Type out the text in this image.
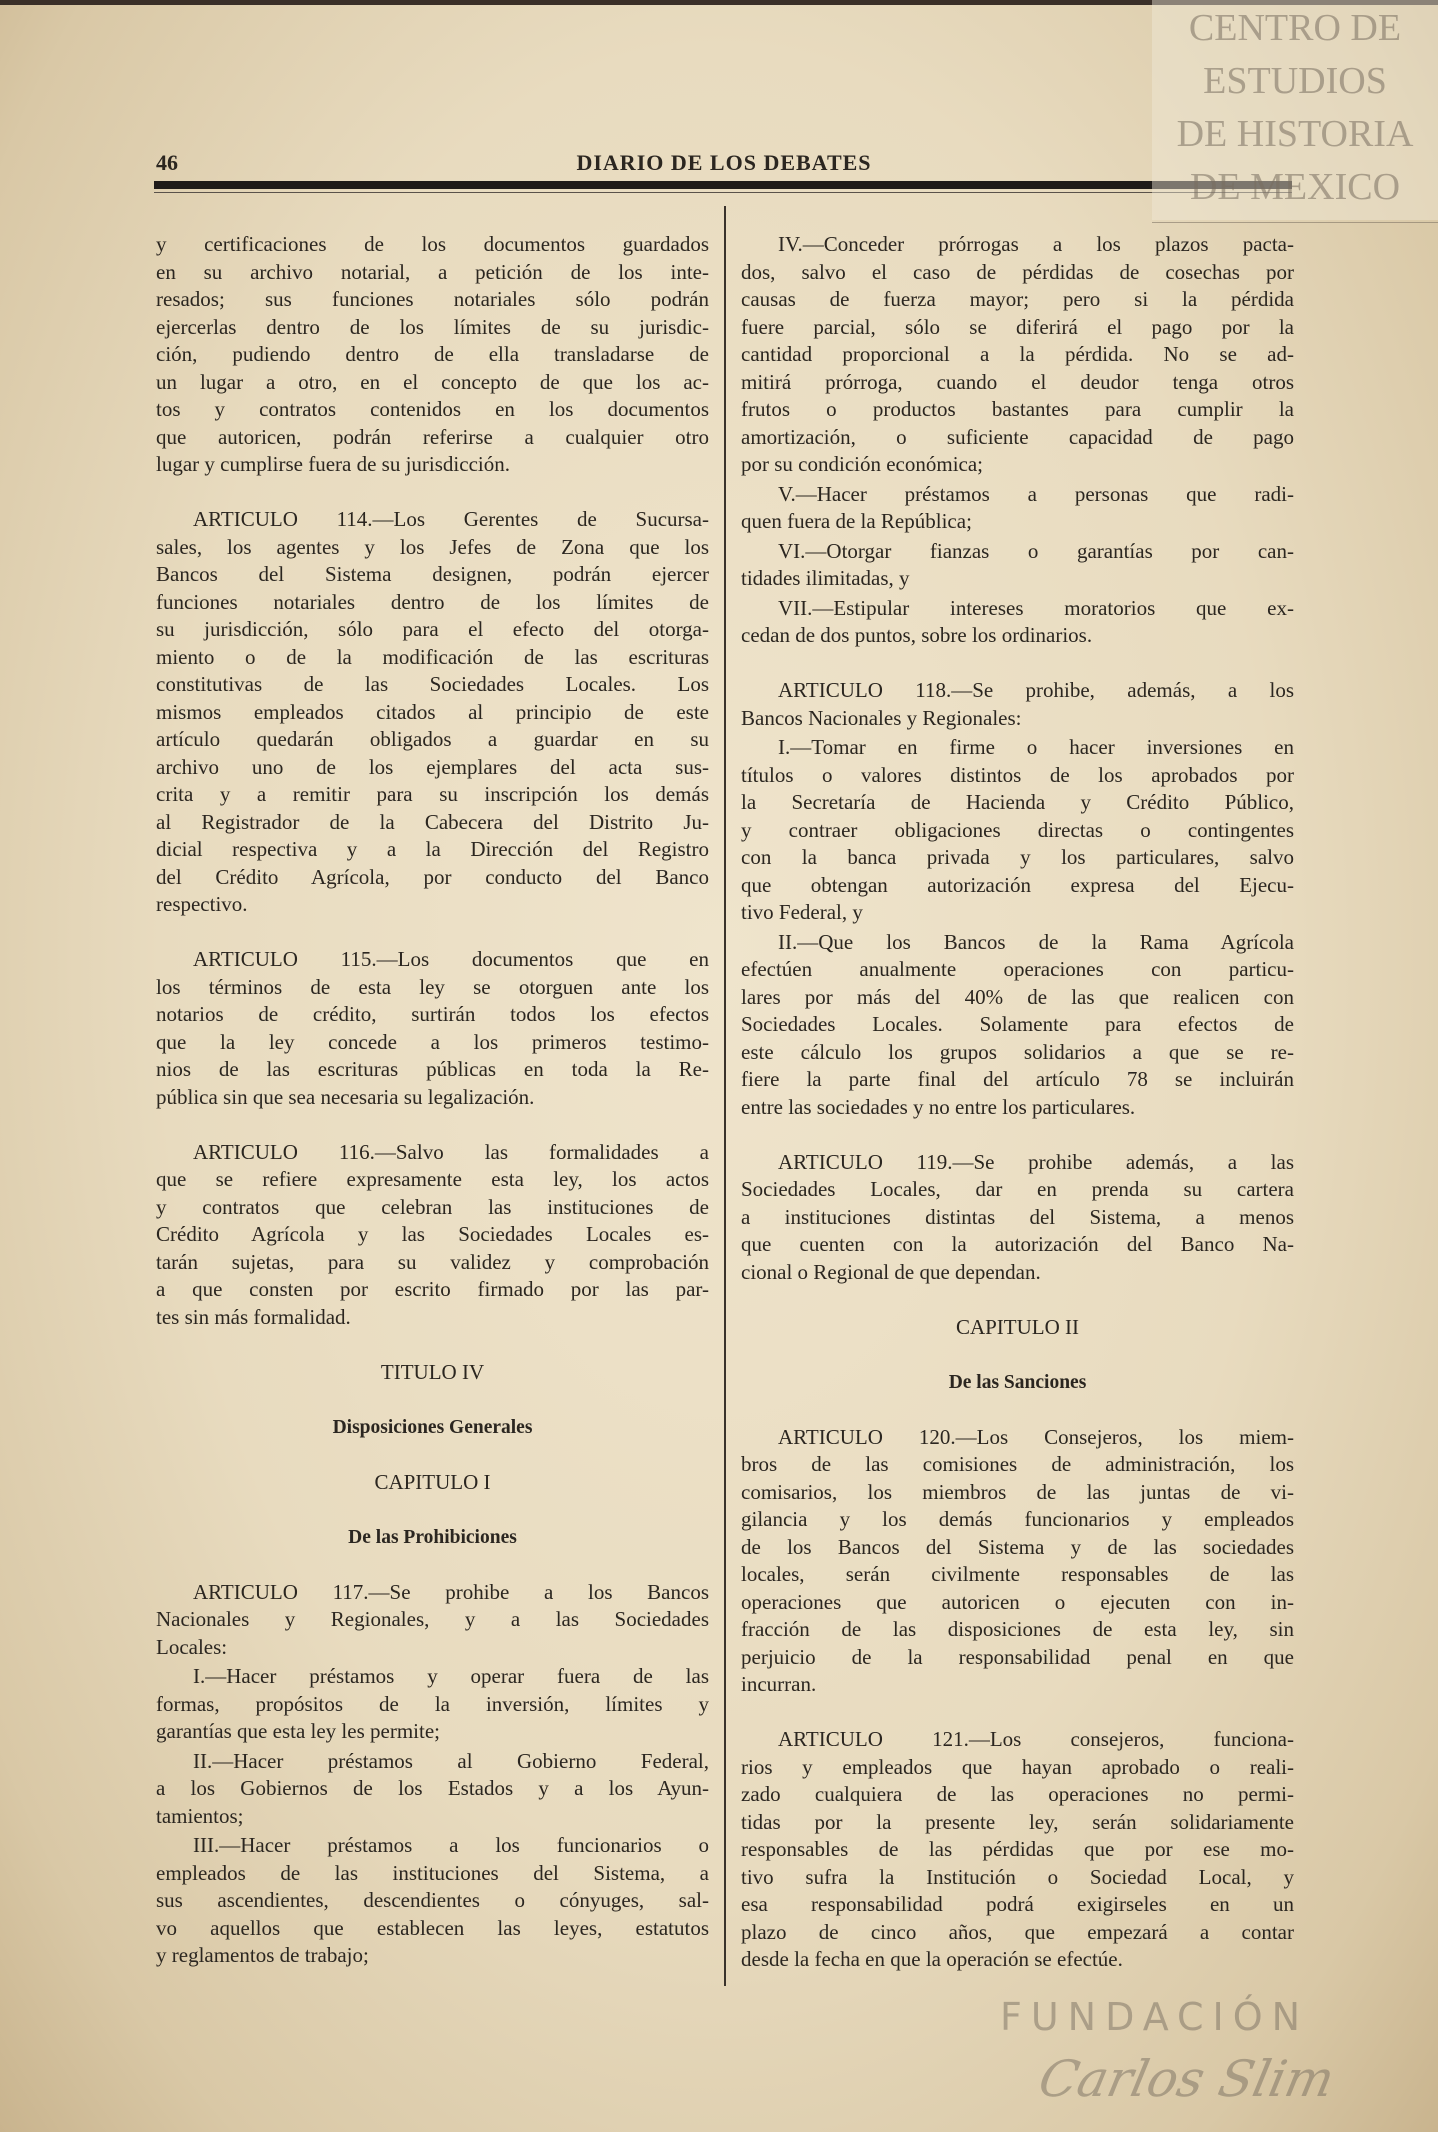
46	DIARIO DE LOS DEBATES
y certificaciones de los documentos guardados
en su archivo notarial, a petición de los inte-
resados; sus funciones notariales sólo podrán
ejercerlas dentro de los límites de su jurisdic-
ción, pudiendo dentro de ella transladarse de
un lugar a otro, en el concepto de que los ac-
tos y contratos contenidos en los documentos
que autoricen, podrán referirse a cualquier otro
lugar y cumplirse fuera de su jurisdicción.
ARTICULO 114.—Los Gerentes de Sucursa-
sales, los agentes y los Jefes de Zona que los
Bancos del Sistema designen, podrán ejercer
funciones notariales dentro de los límites de
su jurisdicción, sólo para el efecto del otorga-
miento o de la modificación de las escrituras
constitutivas de las Sociedades Locales. Los
mismos empleados citados al principio de este
artículo quedarán obligados a guardar en su
archivo uno de los ejemplares del acta sus-
crita y a remitir para su inscripción los demás
al Registrador de la Cabecera del Distrito Ju-
dicial respectiva y a la Dirección del Registro
del Crédito Agrícola, por conducto del Banco
respectivo.
ARTICULO 115.—Los documentos que en
los términos de esta ley se otorguen ante los
notarios de crédito, surtirán todos los efectos
que la ley concede a los primeros testimo-
nios de las escrituras públicas en toda la Re-
pública sin que sea necesaria su legalización.
ARTICULO 116.—Salvo las formalidades a
que se refiere expresamente esta ley, los actos
y contratos que celebran las instituciones de
Crédito Agrícola y las Sociedades Locales es-
tarán sujetas, para su validez y comprobación
a que consten por escrito firmado por las par-
tes sin más formalidad.
TITULO IV
Disposiciones Generales
CAPITULO I
De las Prohibiciones
ARTICULO 117.—Se prohibe a los Bancos
Nacionales y Regionales, y a las Sociedades
Locales:
I.—Hacer préstamos y operar fuera de las
formas, propósitos de la inversión, límites y
garantías que esta ley les permite;
II.—Hacer préstamos al Gobierno Federal,
a los Gobiernos de los Estados y a los Ayun-
tamientos;
III.—Hacer préstamos a los funcionarios o
empleados de las instituciones del Sistema, a
sus ascendientes, descendientes o cónyuges, sal-
vo aquellos que establecen las leyes, estatutos
y reglamentos de trabajo;
IV.—Conceder prórrogas a los plazos pacta-
dos, salvo el caso de pérdidas de cosechas por
causas de fuerza mayor; pero si la pérdida
fuere parcial, sólo se diferirá el pago por la
cantidad proporcional a la pérdida. No se ad-
mitirá prórroga, cuando el deudor tenga otros
frutos o productos bastantes para cumplir la
amortización, o suficiente capacidad de pago
por su condición económica;
V.—Hacer préstamos a personas que radi-
quen fuera de la República;
VI.—Otorgar fianzas o garantías por can-
tidades ilimitadas, y
VII.—Estipular intereses moratorios que ex-
cedan de dos puntos, sobre los ordinarios.
ARTICULO 118.—Se prohibe, además, a los
Bancos Nacionales y Regionales:
I.—Tomar en firme o hacer inversiones en
títulos o valores distintos de los aprobados por
la Secretaría de Hacienda y Crédito Público,
y contraer obligaciones directas o contingentes
con la banca privada y los particulares, salvo
que obtengan autorización expresa del Ejecu-
tivo Federal, y
II.—Que los Bancos de la Rama Agrícola
efectúen anualmente operaciones con particu-
lares por más del 40% de las que realicen con
Sociedades Locales. Solamente para efectos de
este cálculo los grupos solidarios a que se re-
fiere la parte final del artículo 78 se incluirán
entre las sociedades y no entre los particulares.
ARTICULO 119.—Se prohibe además, a las
Sociedades Locales, dar en prenda su cartera
a instituciones distintas del Sistema, a menos
que cuenten con la autorización del Banco Na-
cional o Regional de que dependan.
CAPITULO II
De las Sanciones
ARTICULO 120.—Los Consejeros, los miem-
bros de las comisiones de administración, los
comisarios, los miembros de las juntas de vi-
gilancia y los demás funcionarios y empleados
de los Bancos del Sistema y de las sociedades
locales, serán civilmente responsables de las
operaciones que autoricen o ejecuten con in-
fracción de las disposiciones de esta ley, sin
perjuicio de la responsabilidad penal en que
incurran.
ARTICULO 121.—Los consejeros, funciona-
rios y empleados que hayan aprobado o reali-
zado cualquiera de las operaciones no permi-
tidas por la presente ley, serán solidariamente
responsables de las pérdidas que por ese mo-
tivo sufra la Institución o Sociedad Local, y
esa responsabilidad podrá exigirseles en un
plazo de cinco años, que empezará a contar
desde la fecha en que la operación se efectúe.
CENTRO DE
ESTUDIOS
DE HISTORIA
DE MEXICO
FUNDACIÓN
Carlos Slim
